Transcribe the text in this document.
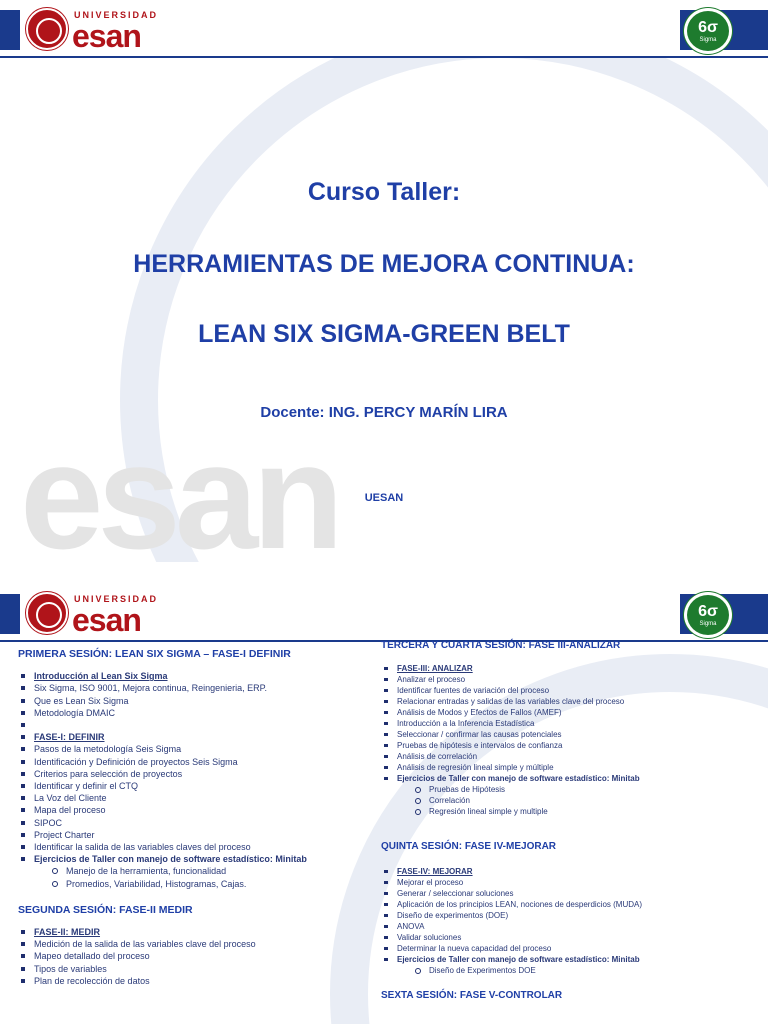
esan
UNIVERSIDAD
esan	6σ
Sigma
Curso Taller:
HERRAMIENTAS DE MEJORA CONTINUA:
LEAN SIX SIGMA-GREEN BELT
Docente: ING. PERCY MARÍN LIRA
UESAN
UNIVERSIDAD
esan	6σ
Sigma
PRIMERA SESIÓN: LEAN SIX SIGMA – FASE-I DEFINIR
Introducción al Lean Six Sigma
Six Sigma, ISO 9001, Mejora continua, Reingenieria, ERP.
Que es Lean Six Sigma
Metodología DMAIC
FASE-I: DEFINIR
Pasos de la metodología Seis Sigma
Identificación y Definición de proyectos Seis Sigma
Criterios para selección de proyectos
Identificar y definir el CTQ
La Voz del Cliente
Mapa del proceso
SIPOC
Project Charter
Identificar la salida de las variables claves del proceso
Ejercicios de Taller con manejo de software estadístico: Minitab
Manejo de la herramienta, funcionalidad
Promedios, Variabilidad, Histogramas, Cajas.
SEGUNDA SESIÓN: FASE-II MEDIR
FASE-II: MEDIR
Medición de la salida de las variables clave del proceso
Mapeo detallado del proceso
Tipos de variables
Plan de recolección de datos
TERCERA Y CUARTA SESIÓN: FASE III-ANALIZAR
FASE-III: ANALIZAR
Analizar el proceso
Identificar fuentes de variación del proceso
Relacionar entradas y salidas de las variables clave del proceso
Análisis de Modos y Efectos de Fallos (AMEF)
Introducción a la Inferencia Estadística
Seleccionar / confirmar las causas potenciales
Pruebas de hipótesis e intervalos de confianza
Análisis de correlación
Análisis de regresión lineal simple y múltiple
Ejercicios de Taller con manejo de software estadístico: Minitab
Pruebas de Hipótesis
Correlación
Regresión lineal simple y multiple
QUINTA SESIÓN: FASE IV-MEJORAR
FASE-IV: MEJORAR
Mejorar el proceso
Generar / seleccionar soluciones
Aplicación de los principios LEAN, nociones de desperdicios (MUDA)
Diseño de experimentos (DOE)
ANOVA
Validar soluciones
Determinar la nueva capacidad del proceso
Ejercicios de Taller con manejo de software estadístico: Minitab
Diseño de Experimentos DOE
SEXTA SESIÓN: FASE V-CONTROLAR
